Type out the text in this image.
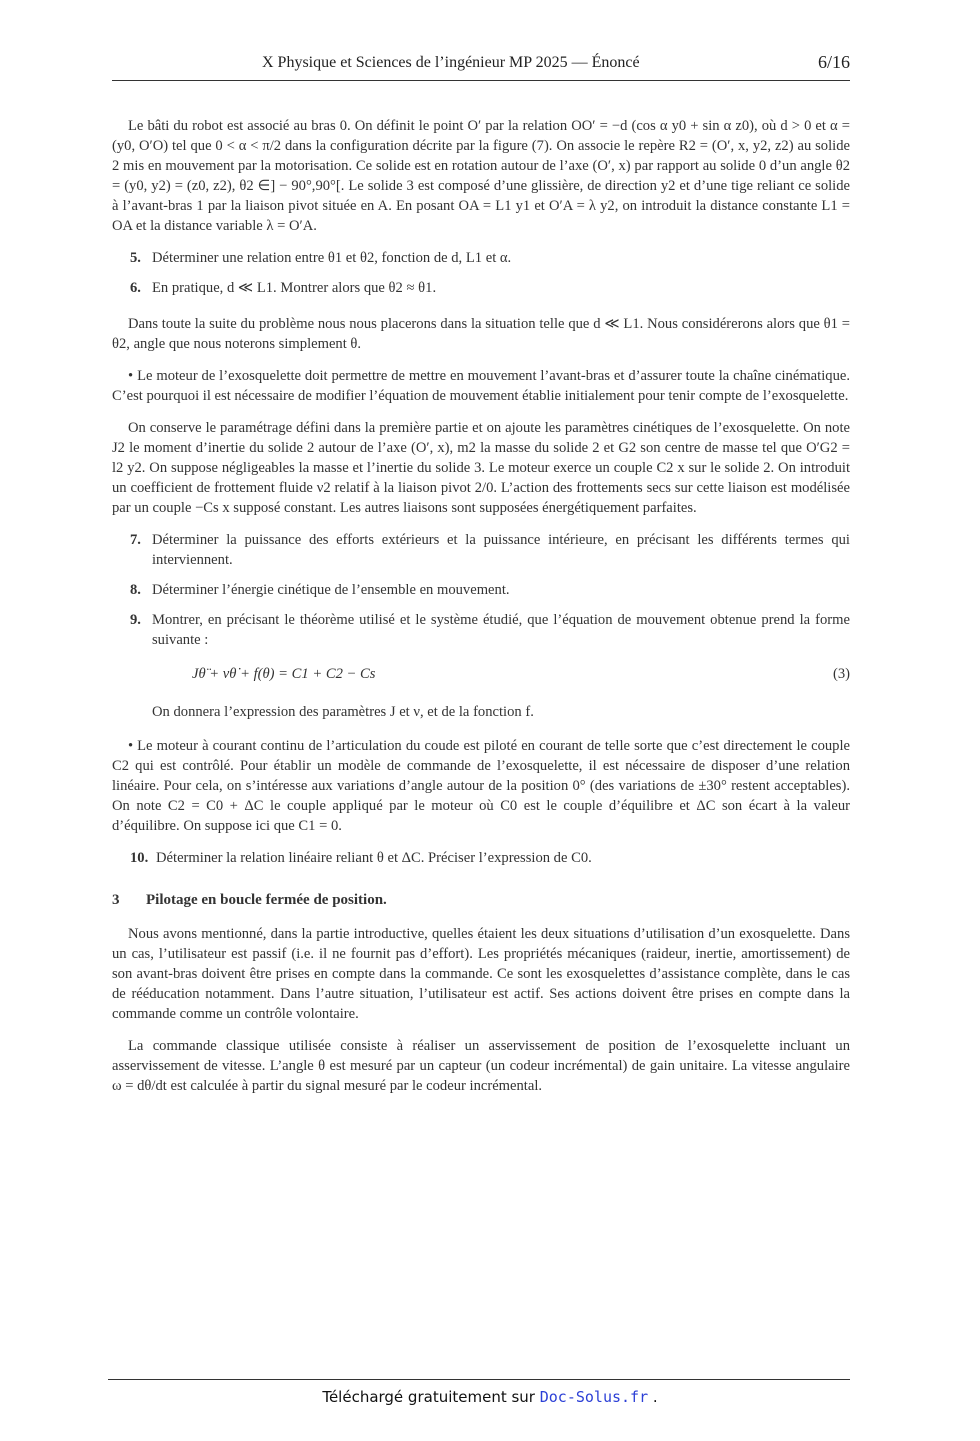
X Physique et Sciences de l’ingénieur MP 2025 — Énoncé	6/16

Le bâti du robot est associé au bras 0. On définit le point O′ par la relation OO′ = −d (cos α y0 + sin α z0), où d > 0 et α = (y0, O′O) tel que 0 < α < π/2 dans la configuration décrite par la figure (7). On associe le repère R2 = (O′, x, y2, z2) au solide 2 mis en mouvement par la motorisation. Ce solide est en rotation autour de l’axe (O′, x) par rapport au solide 0 d’un angle θ2 = (y0, y2) = (z0, z2), θ2 ∈] − 90°,90°[. Le solide 3 est composé d’une glissière, de direction y2 et d’une tige reliant ce solide à l’avant-bras 1 par la liaison pivot située en A. En posant OA = L1 y1 et O′A = λ y2, on introduit la distance constante L1 = OA et la distance variable λ = O′A.

5. Déterminer une relation entre θ1 et θ2, fonction de d, L1 et α.
6. En pratique, d ≪ L1. Montrer alors que θ2 ≈ θ1.

Dans toute la suite du problème nous nous placerons dans la situation telle que d ≪ L1. Nous considérerons alors que θ1 = θ2, angle que nous noterons simplement θ.

• Le moteur de l’exosquelette doit permettre de mettre en mouvement l’avant-bras et d’assurer toute la chaîne cinématique. C’est pourquoi il est nécessaire de modifier l’équation de mouvement établie initialement pour tenir compte de l’exosquelette.

On conserve le paramétrage défini dans la première partie et on ajoute les paramètres cinétiques de l’exosquelette. On note J2 le moment d’inertie du solide 2 autour de l’axe (O′, x), m2 la masse du solide 2 et G2 son centre de masse tel que O′G2 = l2 y2. On suppose négligeables la masse et l’inertie du solide 3. Le moteur exerce un couple C2 x sur le solide 2. On introduit un coefficient de frottement fluide ν2 relatif à la liaison pivot 2/0. L’action des frottements secs sur cette liaison est modélisée par un couple −Cs x supposé constant. Les autres liaisons sont supposées énergétiquement parfaites.

7. Déterminer la puissance des efforts extérieurs et la puissance intérieure, en précisant les différents termes qui interviennent.
8. Déterminer l’énergie cinétique de l’ensemble en mouvement.
9. Montrer, en précisant le théorème utilisé et le système étudié, que l’équation de mouvement obtenue prend la forme suivante :
Jθ̈ + νθ̇ + f(θ) = C1 + C2 − Cs	(3)
On donnera l’expression des paramètres J et ν, et de la fonction f.

• Le moteur à courant continu de l’articulation du coude est piloté en courant de telle sorte que c’est directement le couple C2 qui est contrôlé. Pour établir un modèle de commande de l’exosquelette, il est nécessaire de disposer d’une relation linéaire. Pour cela, on s’intéresse aux variations d’angle autour de la position 0° (des variations de ±30° restent acceptables). On note C2 = C0 + ΔC le couple appliqué par le moteur où C0 est le couple d’équilibre et ΔC son écart à la valeur d’équilibre. On suppose ici que C1 = 0.

10. Déterminer la relation linéaire reliant θ et ΔC. Préciser l’expression de C0.
3 Pilotage en boucle fermée de position.

Nous avons mentionné, dans la partie introductive, quelles étaient les deux situations d’utilisation d’un exosquelette. Dans un cas, l’utilisateur est passif (i.e. il ne fournit pas d’effort). Les propriétés mécaniques (raideur, inertie, amortissement) de son avant-bras doivent être prises en compte dans la commande. Ce sont les exosquelettes d’assistance complète, dans le cas de rééducation notamment. Dans l’autre situation, l’utilisateur est actif. Ses actions doivent être prises en compte dans la commande comme un contrôle volontaire.

La commande classique utilisée consiste à réaliser un asservissement de position de l’exosquelette incluant un asservissement de vitesse. L’angle θ est mesuré par un capteur (un codeur incrémental) de gain unitaire. La vitesse angulaire ω = dθ/dt est calculée à partir du signal mesuré par le codeur incrémental.

Téléchargé gratuitement sur Doc-Solus.fr .
